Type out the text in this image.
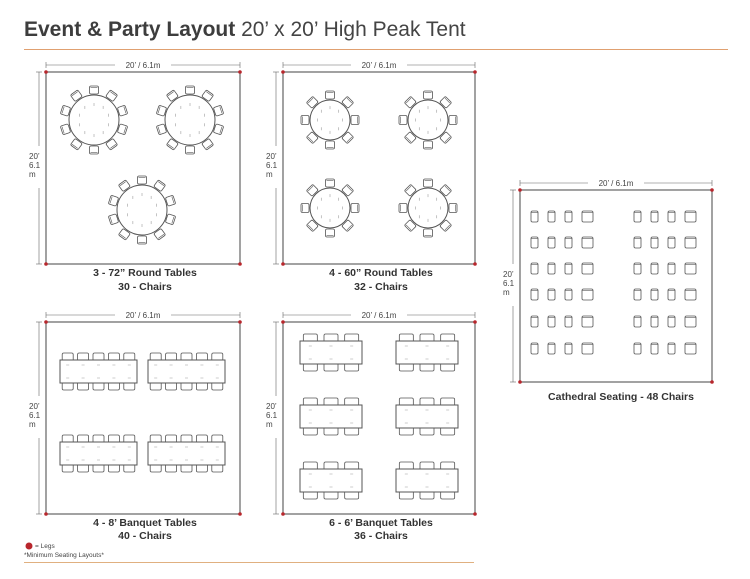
Event & Party Layout 20’ x 20’ High Peak Tent
20’ / 6.1m
20’
6.1
m
20’ / 6.1m
20’
6.1
m
20’ / 6.1m
20’
6.1
m
20’ / 6.1m
20’
6.1
m
20’ / 6.1m
20’
6.1
m
3 - 72” Round Tables
30 - Chairs
4 - 60” Round Tables
32 - Chairs
4 - 8’ Banquet Tables
40 - Chairs
6 - 6’ Banquet Tables
36 - Chairs
Cathedral Seating - 48 Chairs
= Legs
*Minimum Seating Layouts*
